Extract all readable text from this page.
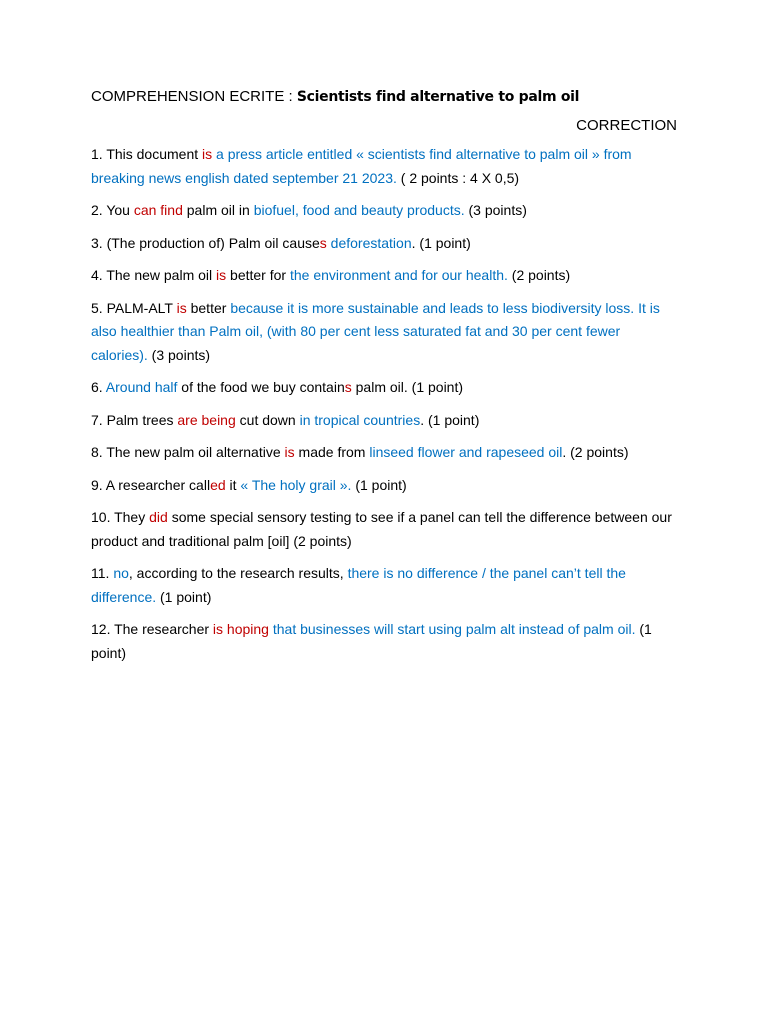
COMPREHENSION ECRITE : Scientists find alternative to palm oil
CORRECTION

1. This document is a press article entitled « scientists find alternative to palm oil » from breaking news english dated september 21 2023. ( 2 points : 4 X 0,5)

2. You can find palm oil in biofuel, food and beauty products. (3 points)

3. (The production of) Palm oil causes deforestation. (1 point)

4. The new palm oil is better for the environment and for our health. (2 points)

5. PALM-ALT is better because it is more sustainable and leads to less biodiversity loss. It is also healthier than Palm oil, (with 80 per cent less saturated fat and 30 per cent fewer calories). (3 points)

6. Around half of the food we buy contains palm oil. (1 point)

7. Palm trees are being cut down in tropical countries. (1 point)

8. The new palm oil alternative is made from linseed flower and rapeseed oil. (2 points)

9. A researcher called it « The holy grail ». (1 point)

10. They did some special sensory testing to see if a panel can tell the difference between our product and traditional palm [oil] (2 points)

11. no, according to the research results, there is no difference / the panel can’t tell the difference. (1 point)

12. The researcher is hoping that businesses will start using palm alt instead of palm oil. (1 point)
